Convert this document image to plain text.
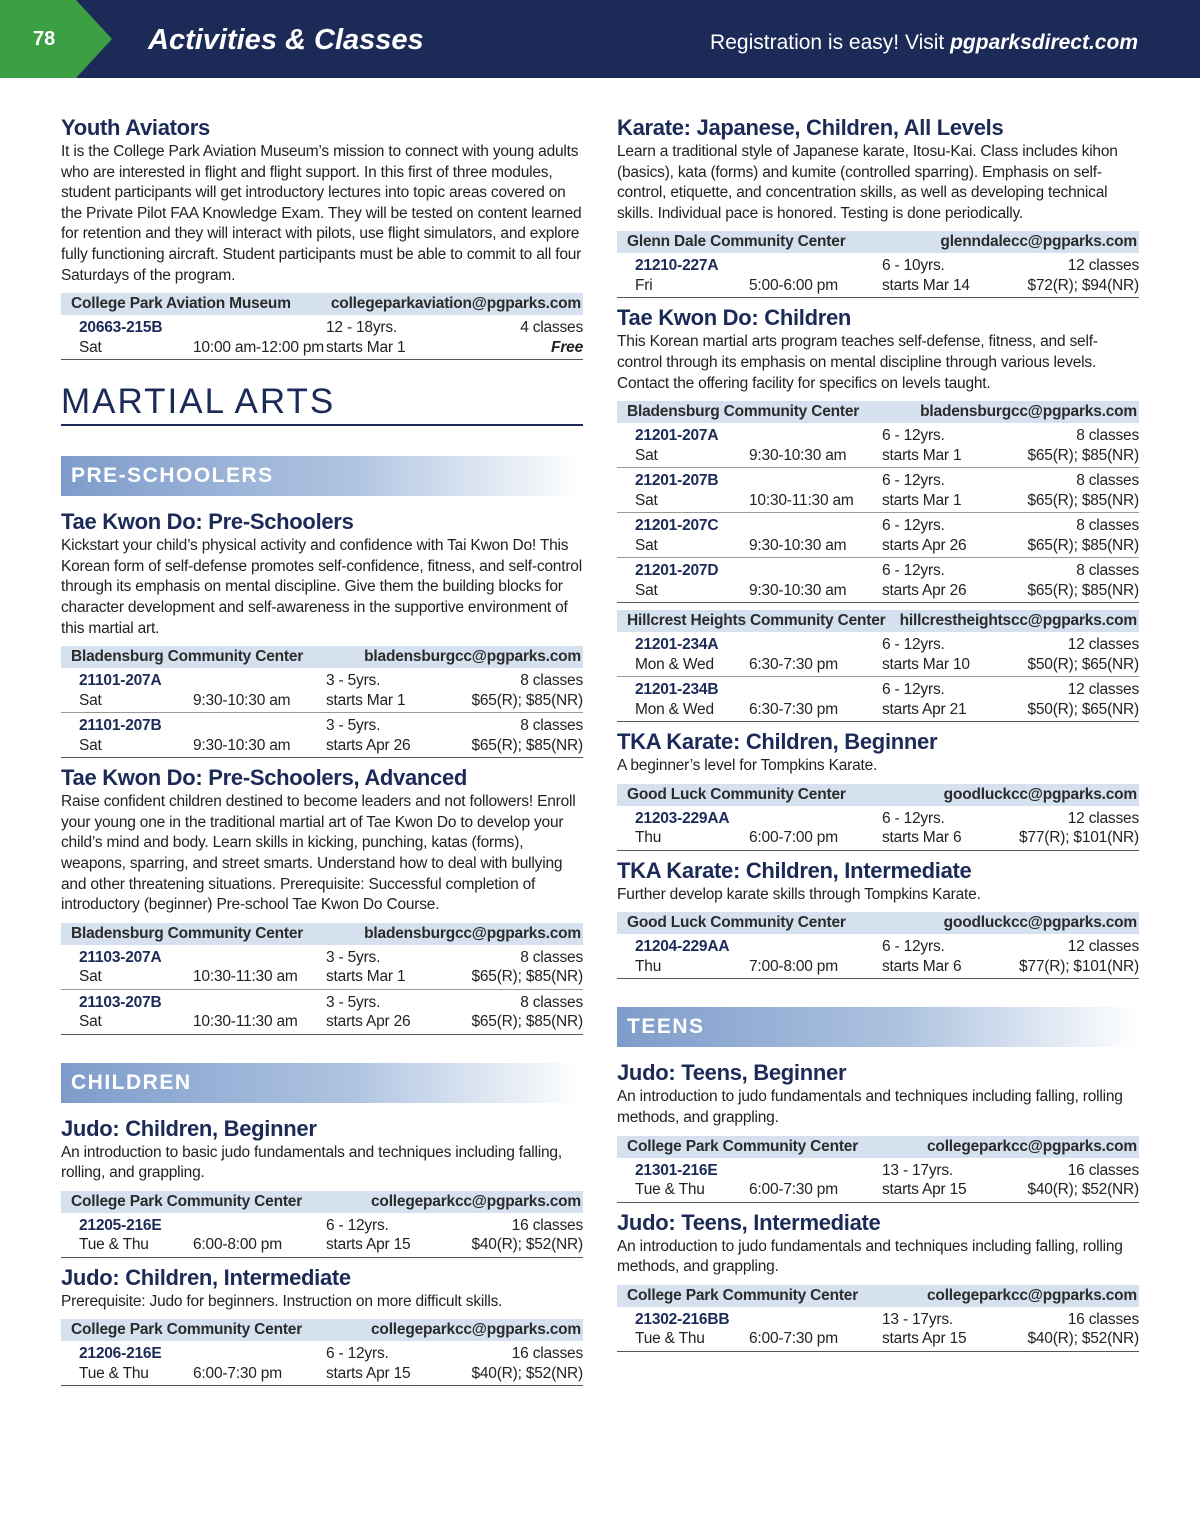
78	Activities & Classes	Registration is easy! Visit pgparksdirect.com
Youth Aviators

It is the College Park Aviation Museum’s mission to connect with young adults who are interested in flight and flight support. In this first of three modules, student participants will get introductory lectures into topic areas covered on the Private Pilot FAA Knowledge Exam. They will be tested on content learned for retention and they will interact with pilots, use flight simulators, and explore fully functioning aircraft. Student participants must be able to commit to all four Saturdays of the program.

College Park Aviation Museum	collegeparkaviation@pgparks.com
20663-215B	12 - 18yrs.	4 classes
Sat	10:00 am-12:00 pm starts Mar 1	Free
MARTIAL ARTS
PRE-SCHOOLERS
Tae Kwon Do: Pre-Schoolers

Kickstart your child’s physical activity and confidence with Tai Kwon Do! This Korean form of self-defense promotes self-confidence, fitness, and self-control through its emphasis on mental discipline. Give them the building blocks for character development and self-awareness in the supportive environment of this martial art.

Bladensburg Community Center	bladensburgcc@pgparks.com
21101-207A	3 - 5yrs.	8 classes
Sat	9:30-10:30 am	starts Mar 1	$65(R); $85(NR)
21101-207B	3 - 5yrs.	8 classes
Sat	9:30-10:30 am	starts Apr 26	$65(R); $85(NR)
Tae Kwon Do: Pre-Schoolers, Advanced

Raise confident children destined to become leaders and not followers! Enroll your young one in the traditional martial art of Tae Kwon Do to develop your child’s mind and body. Learn skills in kicking, punching, katas (forms), weapons, sparring, and street smarts. Understand how to deal with bullying and other threatening situations. Prerequisite: Successful completion of introductory (beginner) Pre-school Tae Kwon Do Course.

Bladensburg Community Center	bladensburgcc@pgparks.com
21103-207A	3 - 5yrs.	8 classes
Sat	10:30-11:30 am	starts Mar 1	$65(R); $85(NR)
21103-207B	3 - 5yrs.	8 classes
Sat	10:30-11:30 am	starts Apr 26	$65(R); $85(NR)
CHILDREN
Judo: Children, Beginner

An introduction to basic judo fundamentals and techniques including falling, rolling, and grappling.

College Park Community Center	collegeparkcc@pgparks.com
21205-216E	6 - 12yrs.	16 classes
Tue & Thu	6:00-8:00 pm	starts Apr 15	$40(R); $52(NR)
Judo: Children, Intermediate

Prerequisite: Judo for beginners. Instruction on more difficult skills.

College Park Community Center	collegeparkcc@pgparks.com
21206-216E	6 - 12yrs.	16 classes
Tue & Thu	6:00-7:30 pm	starts Apr 15	$40(R); $52(NR)
Karate: Japanese, Children, All Levels

Learn a traditional style of Japanese karate, Itosu-Kai. Class includes kihon (basics), kata (forms) and kumite (controlled sparring). Emphasis on self-control, etiquette, and concentration skills, as well as developing technical skills. Individual pace is honored. Testing is done periodically.

Glenn Dale Community Center	glenndalecc@pgparks.com
21210-227A	6 - 10yrs.	12 classes
Fri	5:00-6:00 pm	starts Mar 14	$72(R); $94(NR)
Tae Kwon Do: Children

This Korean martial arts program teaches self-defense, fitness, and self-control through its emphasis on mental discipline through various levels. Contact the offering facility for specifics on levels taught.

Bladensburg Community Center	bladensburgcc@pgparks.com
21201-207A	6 - 12yrs.	8 classes
Sat	9:30-10:30 am	starts Mar 1	$65(R); $85(NR)
21201-207B	6 - 12yrs.	8 classes
Sat	10:30-11:30 am	starts Mar 1	$65(R); $85(NR)
21201-207C	6 - 12yrs.	8 classes
Sat	9:30-10:30 am	starts Apr 26	$65(R); $85(NR)
21201-207D	6 - 12yrs.	8 classes
Sat	9:30-10:30 am	starts Apr 26	$65(R); $85(NR)
Hillcrest Heights Community Center hillcrestheightscc@pgparks.com
21201-234A	6 - 12yrs.	12 classes
Mon & Wed	6:30-7:30 pm	starts Mar 10	$50(R); $65(NR)
21201-234B	6 - 12yrs.	12 classes
Mon & Wed	6:30-7:30 pm	starts Apr 21	$50(R); $65(NR)
TKA Karate: Children, Beginner

A beginner’s level for Tompkins Karate.

Good Luck Community Center	goodluckcc@pgparks.com
21203-229AA	6 - 12yrs.	12 classes
Thu	6:00-7:00 pm	starts Mar 6	$77(R); $101(NR)
TKA Karate: Children, Intermediate

Further develop karate skills through Tompkins Karate.

Good Luck Community Center	goodluckcc@pgparks.com
21204-229AA	6 - 12yrs.	12 classes
Thu	7:00-8:00 pm	starts Mar 6	$77(R); $101(NR)
TEENS
Judo: Teens, Beginner

An introduction to judo fundamentals and techniques including falling, rolling methods, and grappling.

College Park Community Center	collegeparkcc@pgparks.com
21301-216E	13 - 17yrs.	16 classes
Tue & Thu	6:00-7:30 pm	starts Apr 15	$40(R); $52(NR)
Judo: Teens, Intermediate

An introduction to judo fundamentals and techniques including falling, rolling methods, and grappling.

College Park Community Center	collegeparkcc@pgparks.com
21302-216BB	13 - 17yrs.	16 classes
Tue & Thu	6:00-7:30 pm	starts Apr 15	$40(R); $52(NR)
